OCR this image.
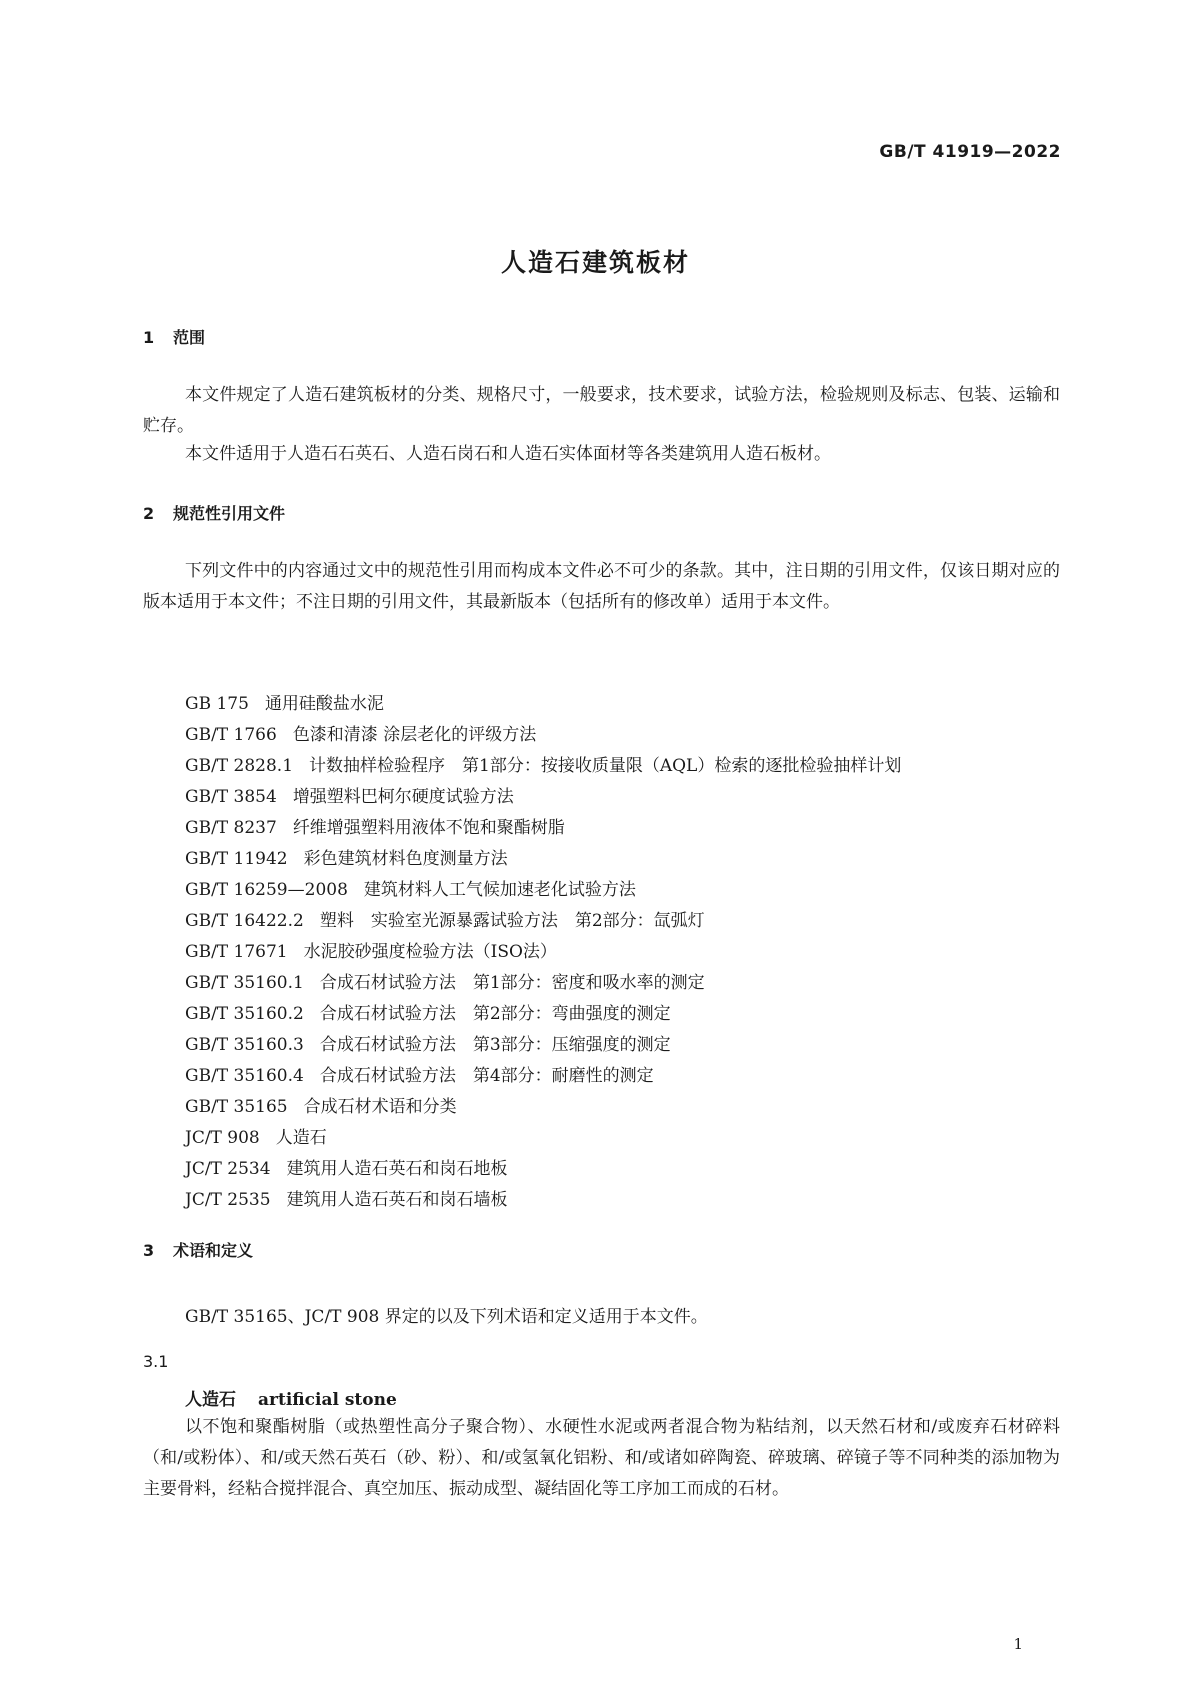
GB/T 41919—2022
人造石建筑板材
1 范围
本文件规定了人造石建筑板材的分类、规格尺寸，一般要求，技术要求，试验方法，检验规则及标志、包装、运输和贮存。
本文件适用于人造石石英石、人造石岗石和人造石实体面材等各类建筑用人造石板材。
2 规范性引用文件
下列文件中的内容通过文中的规范性引用而构成本文件必不可少的条款。其中，注日期的引用文件，仅该日期对应的版本适用于本文件；不注日期的引用文件，其最新版本（包括所有的修改单）适用于本文件。
GB 175 通用硅酸盐水泥
GB/T 1766 色漆和清漆 涂层老化的评级方法
GB/T 2828.1 计数抽样检验程序　第1部分：按接收质量限（AQL）检索的逐批检验抽样计划
GB/T 3854 增强塑料巴柯尔硬度试验方法
GB/T 8237 纤维增强塑料用液体不饱和聚酯树脂
GB/T 11942 彩色建筑材料色度测量方法
GB/T 16259—2008 建筑材料人工气候加速老化试验方法
GB/T 16422.2 塑料　实验室光源暴露试验方法　第2部分：氙弧灯
GB/T 17671 水泥胶砂强度检验方法（ISO法）
GB/T 35160.1 合成石材试验方法　第1部分：密度和吸水率的测定
GB/T 35160.2 合成石材试验方法　第2部分：弯曲强度的测定
GB/T 35160.3 合成石材试验方法　第3部分：压缩强度的测定
GB/T 35160.4 合成石材试验方法　第4部分：耐磨性的测定
GB/T 35165 合成石材术语和分类
JC/T 908 人造石
JC/T 2534 建筑用人造石英石和岗石地板
JC/T 2535 建筑用人造石英石和岗石墙板
3 术语和定义
GB/T 35165、JC/T 908 界定的以及下列术语和定义适用于本文件。
3.1
人造石 artificial stone
以不饱和聚酯树脂（或热塑性高分子聚合物）、水硬性水泥或两者混合物为粘结剂，以天然石材和/或废弃石材碎料（和/或粉体）、和/或天然石英石（砂、粉）、和/或氢氧化铝粉、和/或诸如碎陶瓷、碎玻璃、碎镜子等不同种类的添加物为主要骨料，经粘合搅拌混合、真空加压、振动成型、凝结固化等工序加工而成的石材。
1
